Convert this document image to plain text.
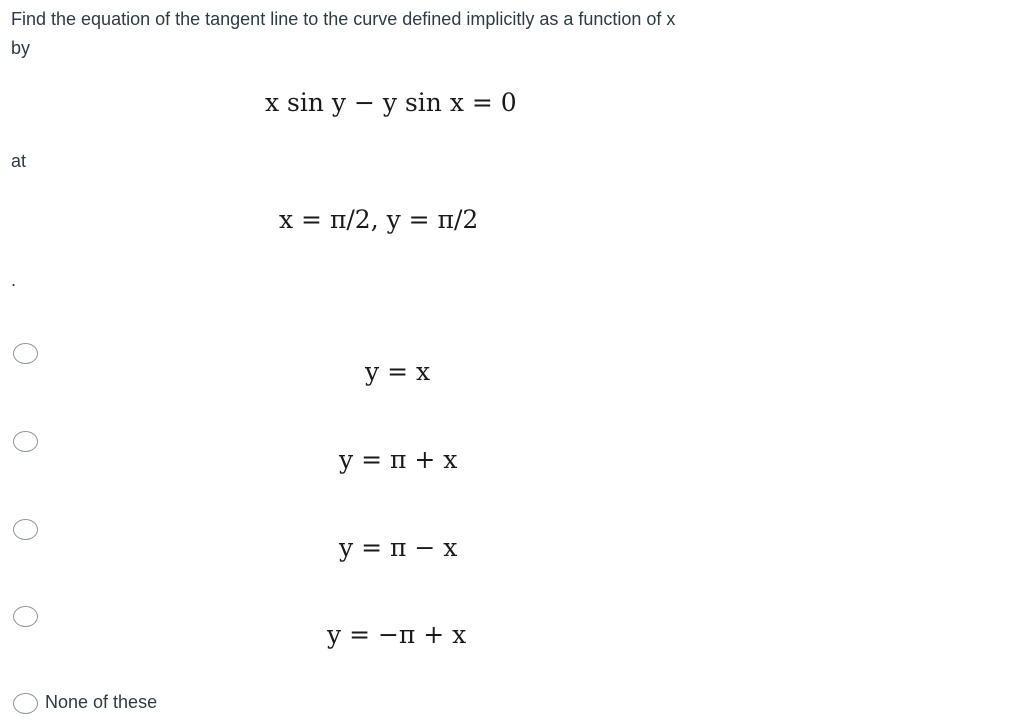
Find the equation of the tangent line to the curve defined implicitly as a function of x

by

x sin y − y sin x = 0

at

x = π/2, y = π/2

.

y = x
y = π + x
y = π − x
y = −π + x
None of these
